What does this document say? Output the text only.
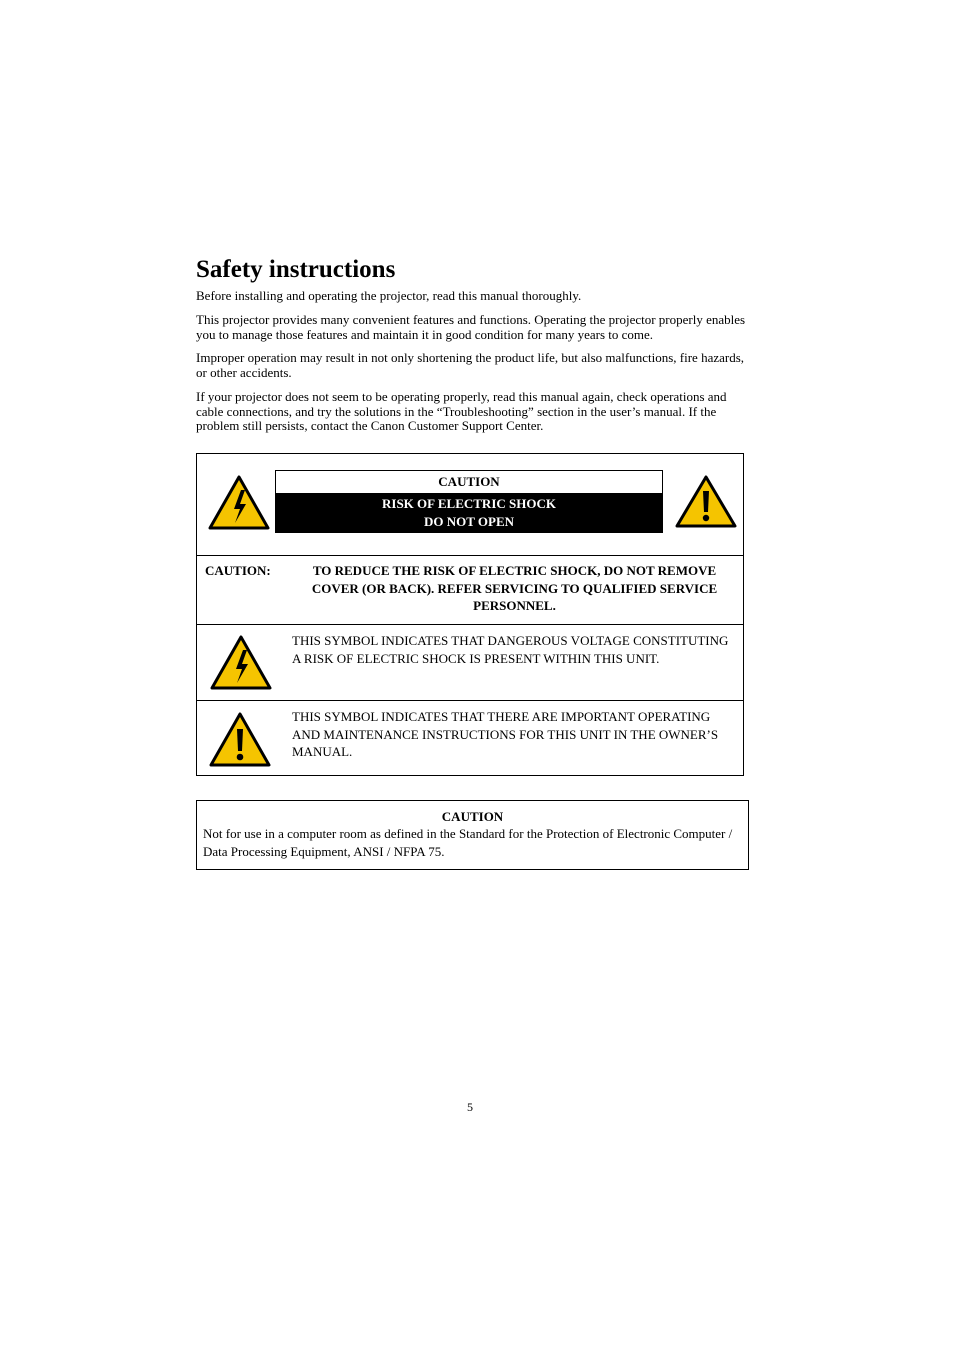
Safety instructions

Before installing and operating the projector, read this manual thoroughly.

This projector provides many convenient features and functions. Operating the projector properly enables you to manage those features and maintain it in good condition for many years to come.

Improper operation may result in not only shortening the product life, but also malfunctions, fire hazards, or other accidents.

If your projector does not seem to be operating properly, read this manual again, check operations and cable connections, and try the solutions in the “Troubleshooting” section in the user’s manual. If the problem still persists, contact the Canon Customer Support Center.

CAUTION
RISK OF ELECTRIC SHOCK
DO NOT OPEN
CAUTION:	TO REDUCE THE RISK OF ELECTRIC SHOCK, DO NOT REMOVE COVER (OR BACK). REFER SERVICING TO QUALIFIED SERVICE PERSONNEL.
THIS SYMBOL INDICATES THAT DANGEROUS VOLTAGE CONSTITUTING A RISK OF ELECTRIC SHOCK IS PRESENT WITHIN THIS UNIT.
THIS SYMBOL INDICATES THAT THERE ARE IMPORTANT OPERATING AND MAINTENANCE INSTRUCTIONS FOR THIS UNIT IN THE OWNER’S MANUAL.
CAUTION
Not for use in a computer room as defined in the Standard for the Protection of Electronic Computer / Data Processing Equipment, ANSI / NFPA 75.
5
